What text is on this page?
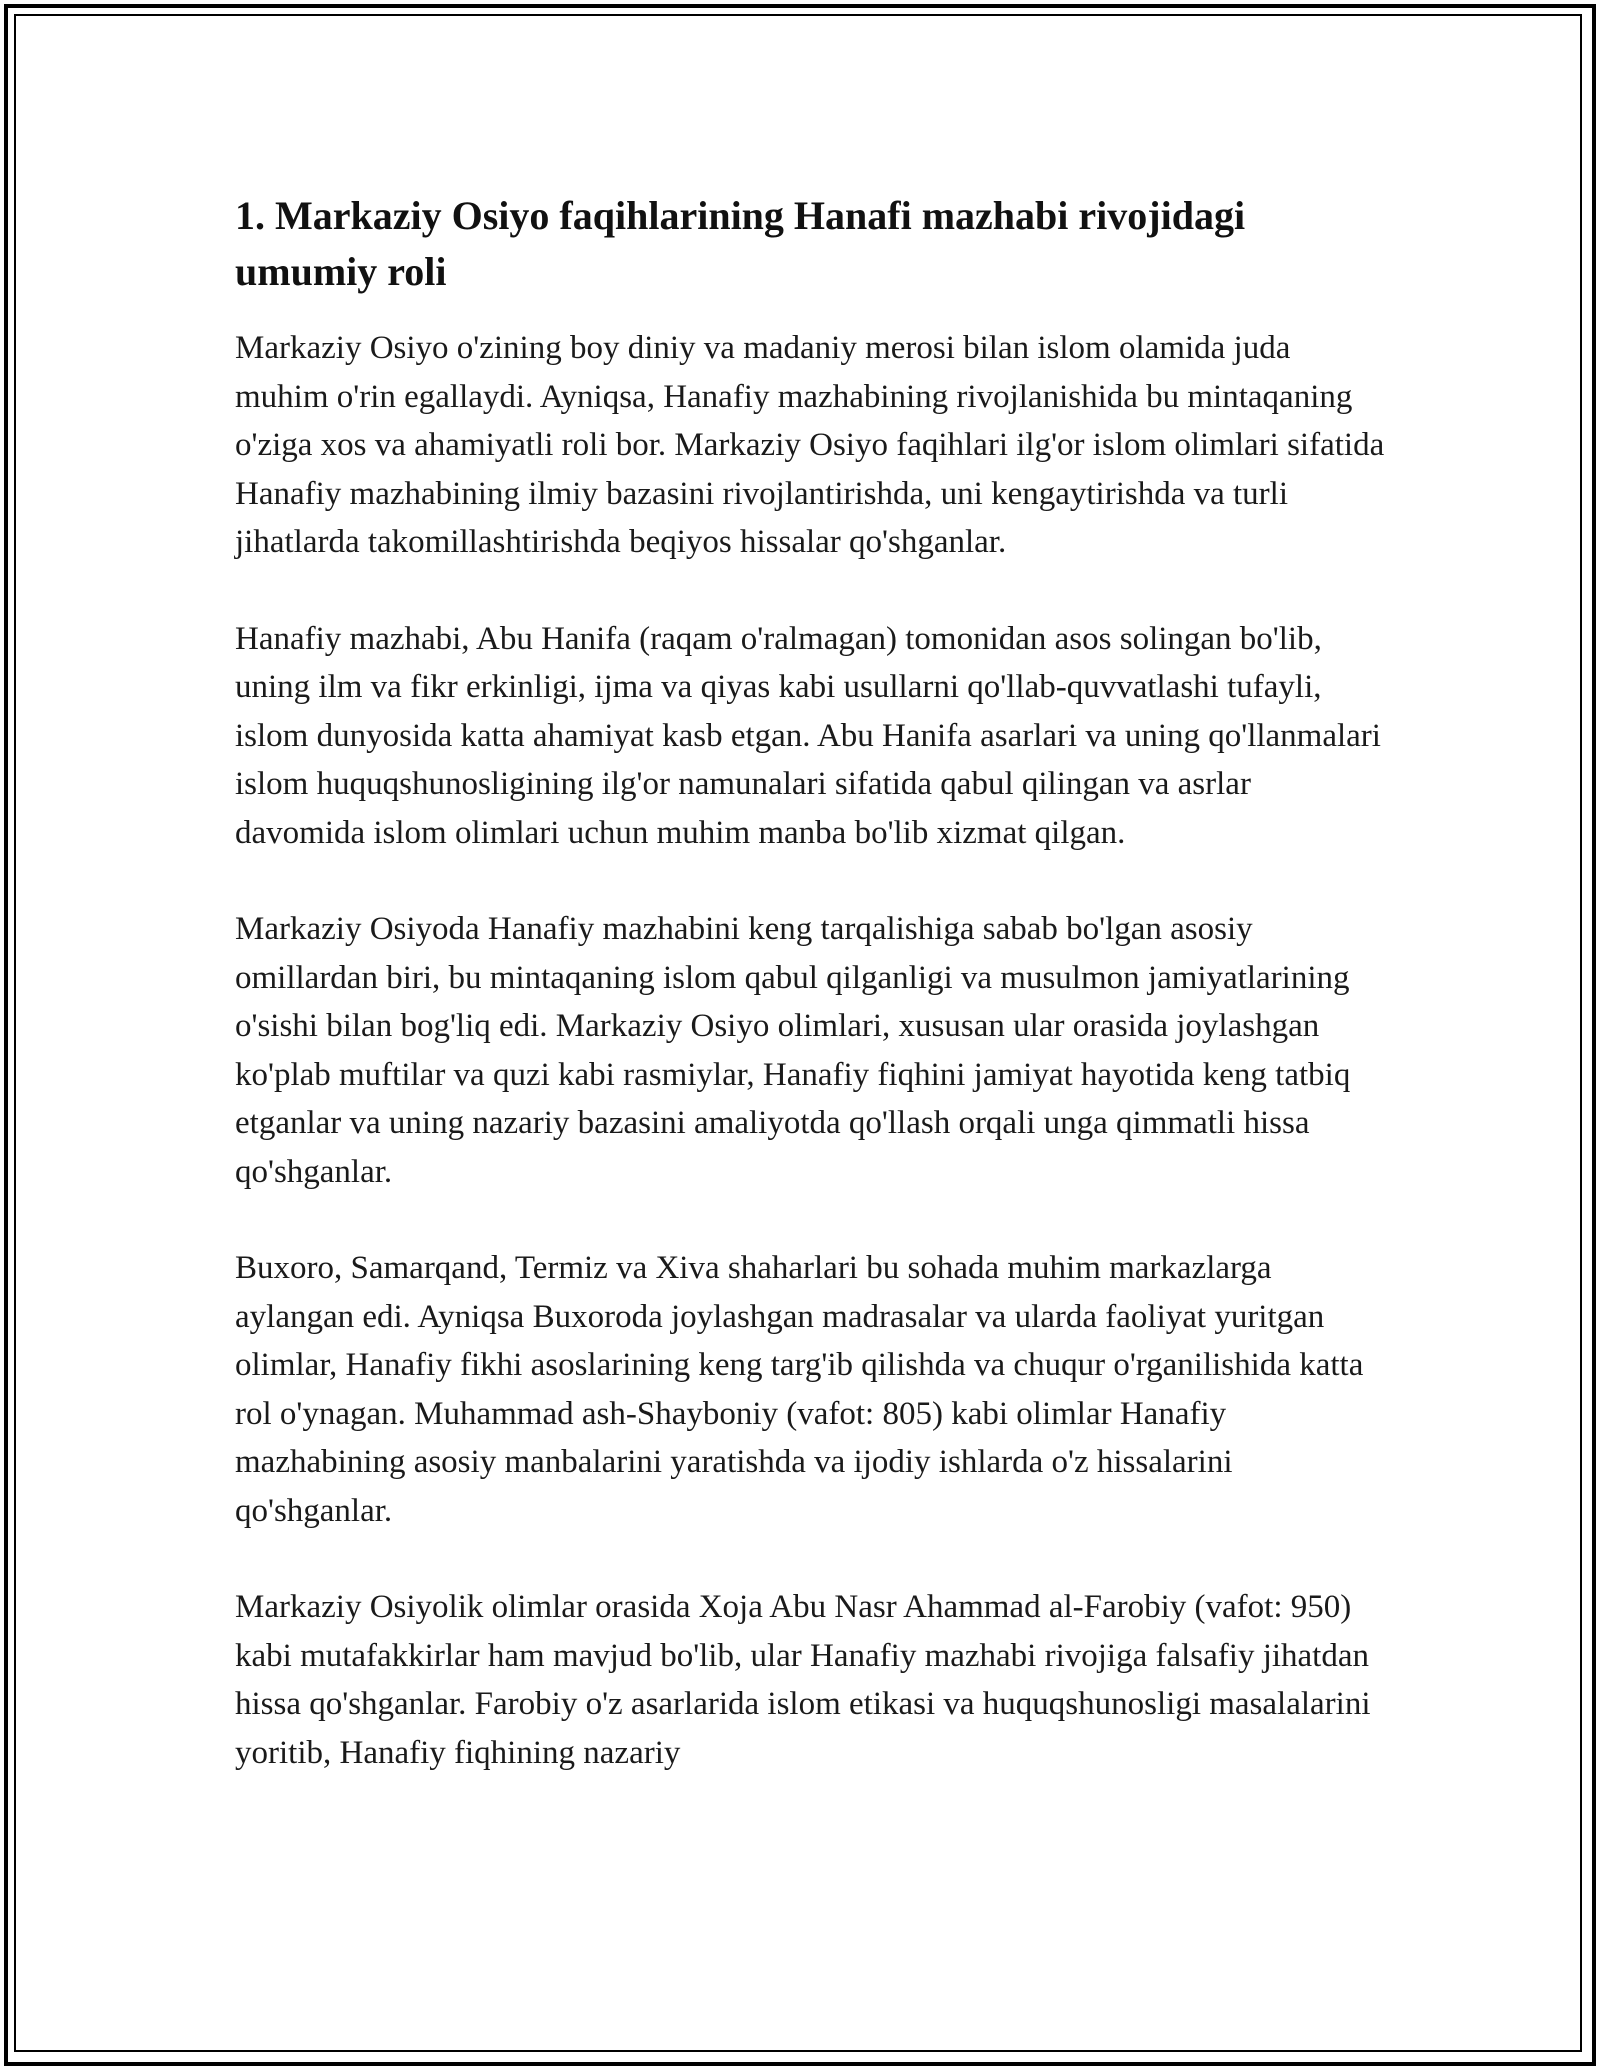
1. Markaziy Osiyo faqihlarining Hanafi mazhabi rivojidagi umumiy roli

Markaziy Osiyo o'zining boy diniy va madaniy merosi bilan islom olamida juda muhim o'rin egallaydi. Ayniqsa, Hanafiy mazhabining rivojlanishida bu mintaqaning o'ziga xos va ahamiyatli roli bor. Markaziy Osiyo faqihlari ilg'or islom olimlari sifatida Hanafiy mazhabining ilmiy bazasini rivojlantirishda, uni kengaytirishda va turli jihatlarda takomillashtirishda beqiyos hissalar qo'shganlar.

Hanafiy mazhabi, Abu Hanifa (raqam o'ralmagan) tomonidan asos solingan bo'lib, uning ilm va fikr erkinligi, ijma va qiyas kabi usullarni qo'llab-quvvatlashi tufayli, islom dunyosida katta ahamiyat kasb etgan. Abu Hanifa asarlari va uning qo'llanmalari islom huquqshunosligining ilg'or namunalari sifatida qabul qilingan va asrlar davomida islom olimlari uchun muhim manba bo'lib xizmat qilgan.

Markaziy Osiyoda Hanafiy mazhabini keng tarqalishiga sabab bo'lgan asosiy omillardan biri, bu mintaqaning islom qabul qilganligi va musulmon jamiyatlarining o'sishi bilan bog'liq edi. Markaziy Osiyo olimlari, xususan ular orasida joylashgan ko'plab muftilar va quzi kabi rasmiylar, Hanafiy fiqhini jamiyat hayotida keng tatbiq etganlar va uning nazariy bazasini amaliyotda qo'llash orqali unga qimmatli hissa qo'shganlar.

Buxoro, Samarqand, Termiz va Xiva shaharlari bu sohada muhim markazlarga aylangan edi. Ayniqsa Buxoroda joylashgan madrasalar va ularda faoliyat yuritgan olimlar, Hanafiy fikhi asoslarining keng targ'ib qilishda va chuqur o'rganilishida katta rol o'ynagan. Muhammad ash-Shayboniy (vafot: 805) kabi olimlar Hanafiy mazhabining asosiy manbalarini yaratishda va ijodiy ishlarda o'z hissalarini qo'shganlar.

Markaziy Osiyolik olimlar orasida Xoja Abu Nasr Ahammad al-Farobiy (vafot: 950) kabi mutafakkirlar ham mavjud bo'lib, ular Hanafiy mazhabi rivojiga falsafiy jihatdan hissa qo'shganlar. Farobiy o'z asarlarida islom etikasi va huquqshunosligi masalalarini yoritib, Hanafiy fiqhining nazariy
